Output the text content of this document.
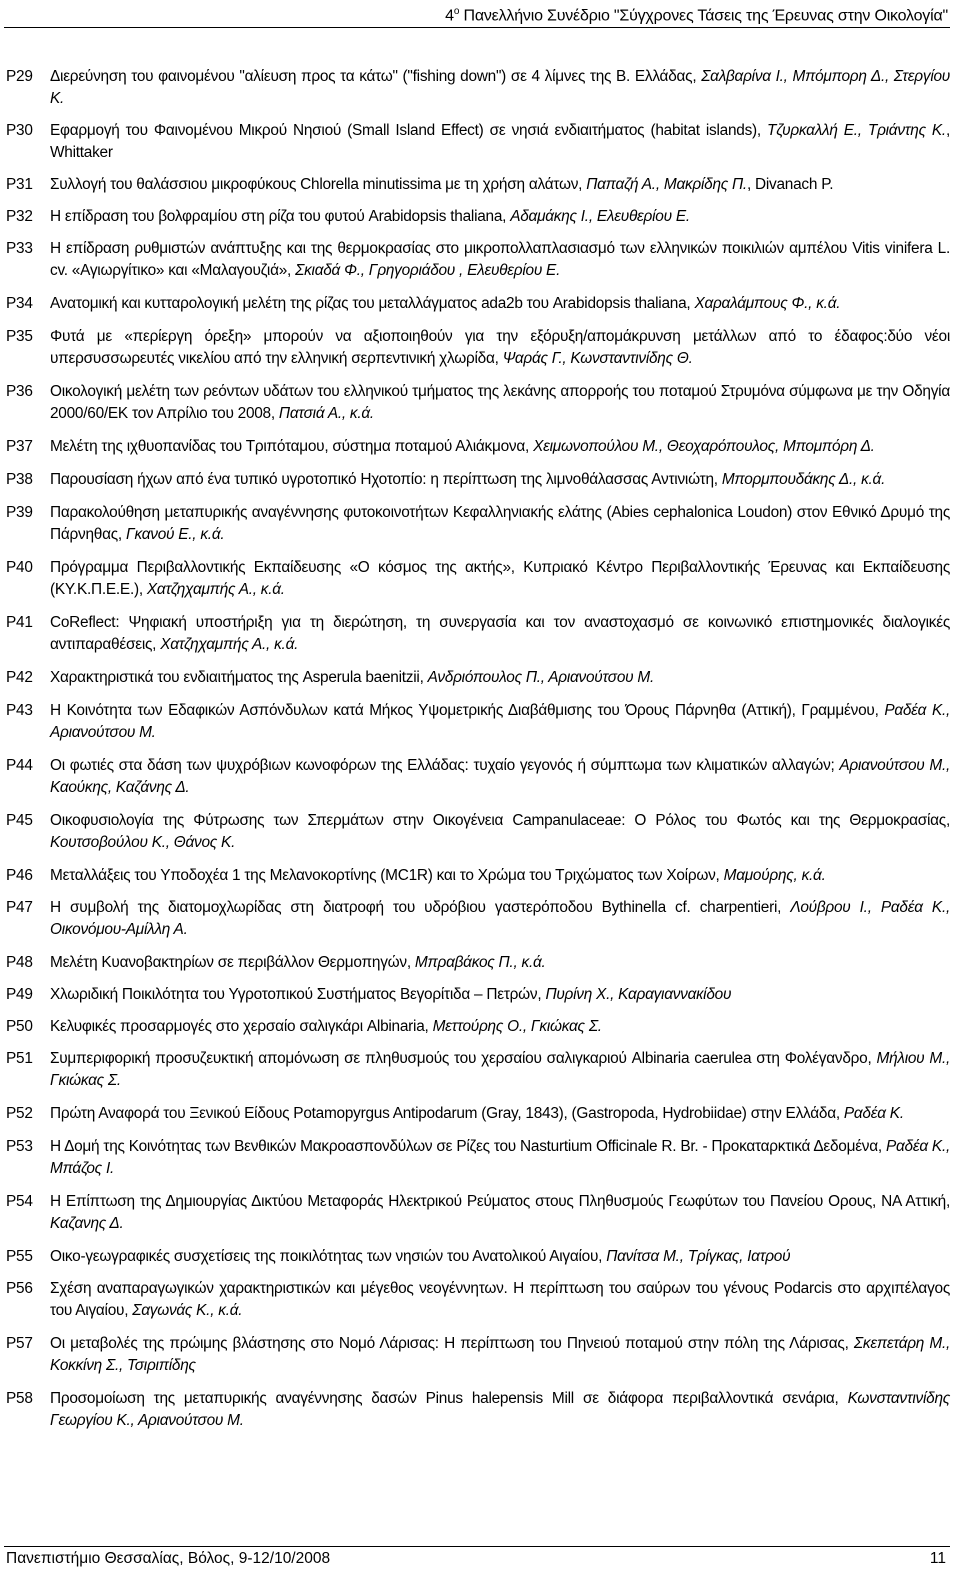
$4^o$ Πανελλήνιο Συνέδριο "Σύγχρονες Τάσεις της Έρευνας στην Οικολογία"
P29	Διερεύνηση του φαινομένου "αλίευση προς τα κάτω" ("fishing down") σε 4 λίμνες της Β. Ελλάδας, Σαλβαρίνα Ι., Μπόμπορη Δ., Στεργίου Κ.
P30	Εφαρμογή του Φαινομένου Μικρού Νησιού (Small Island Effect) σε νησιά ενδιαιτήματος (habitat islands), Τζυρκαλλή Ε., Τριάντης Κ., Whittaker
P31	Συλλογή του θαλάσσιου μικροφύκους Chlorella minutissima με τη χρήση αλάτων, Παπαζή Α., Μακρίδης Π., Divanach P.
P32	Η επίδραση του βολφραμίου στη ρίζα του φυτού Arabidopsis thaliana, Αδαμάκης Ι., Ελευθερίου Ε.
P33	Η επίδραση ρυθμιστών ανάπτυξης και της θερμοκρασίας στο μικροπολλαπλασιασμό των ελληνικών ποικιλιών αμπέλου Vitis vinifera L. cv. «Αγιωργίτικο» και «Μαλαγουζιά», Σκιαδά Φ., Γρηγοριάδου , Ελευθερίου Ε.
P34	Ανατομική και κυτταρολογική μελέτη της ρίζας του μεταλλάγματος ada2b του Arabidopsis thaliana, Χαραλάμπους Φ., κ.ά.
P35	Φυτά με «περίεργη όρεξη» μπορούν να αξιοποιηθούν για την εξόρυξη/απομάκρυνση μετάλλων από το έδαφος:δύο νέοι υπερσυσσωρευτές νικελίου από την ελληνική σερπεντινική χλωρίδα, Ψαράς Γ., Κωνσταντινίδης Θ.
P36	Οικολογική μελέτη των ρεόντων υδάτων του ελληνικού τμήματος της λεκάνης απορροής του ποταμού Στρυμόνα σύμφωνα με την Οδηγία 2000/60/ΕΚ τον Απρίλιο του 2008, Πατσιά Α., κ.ά.
P37	Μελέτη της ιχθυοπανίδας του Τριπόταμου, σύστημα ποταμού Αλιάκμονα, Χειμωνοπούλου Μ., Θεοχαρόπουλος, Μπομπόρη Δ.
P38	Παρουσίαση ήχων από ένα τυπικό υγροτοπικό Ηχοτοπίο: η περίπτωση της λιμνοθάλασσας Αντινιώτη, Μπορμπουδάκης Δ., κ.ά.
P39	Παρακολούθηση μεταπυρικής αναγέννησης φυτοκοινοτήτων Κεφαλληνιακής ελάτης (Abies cephalonica Loudon) στον Εθνικό Δρυμό της Πάρνηθας, Γκανού Ε., κ.ά.
P40	Πρόγραμμα Περιβαλλοντικής Εκπαίδευσης «Ο κόσμος της ακτής», Κυπριακό Κέντρο Περιβαλλοντικής Έρευνας και Εκπαίδευσης (ΚΥ.Κ.Π.Ε.Ε.), Χατζηχαμπής Α., κ.ά.
P41	CoReflect: Ψηφιακή υποστήριξη για τη διερώτηση, τη συνεργασία και τον αναστοχασμό σε κοινωνικό επιστημονικές διαλογικές αντιπαραθέσεις, Χατζηχαμπής Α., κ.ά.
P42	Χαρακτηριστικά του ενδιαιτήματος της Asperula baenitzii, Ανδριόπουλος Π., Αριανούτσου Μ.
P43	Η Κοινότητα των Εδαφικών Ασπόνδυλων κατά Μήκος Υψομετρικής Διαβάθμισης του Όρους Πάρνηθα (Αττική), Γραμμένου, Ραδέα Κ., Αριανούτσου Μ.
P44	Οι φωτιές στα δάση των ψυχρόβιων κωνοφόρων της Ελλάδας: τυχαίο γεγονός ή σύμπτωμα των κλιματικών αλλαγών; Αριανούτσου Μ., Καούκης, Καζάνης Δ.
P45	Οικοφυσιολογία της Φύτρωσης των Σπερμάτων στην Οικογένεια Campanulaceae: Ο Ρόλος του Φωτός και της Θερμοκρασίας, Κουτσοβούλου Κ., Θάνος Κ.
P46	Μεταλλάξεις του Υποδοχέα 1 της Μελανοκορτίνης (MC1R) και το Χρώμα του Τριχώματος των Χοίρων, Μαμούρης, κ.ά.
P47	Η συμβολή της διατομοχλωρίδας στη διατροφή του υδρόβιου γαστερόποδου Bythinella cf. charpentieri, Λούβρου Ι., Ραδέα Κ., Οικονόμου-Αμίλλη Α.
P48	Μελέτη Κυανοβακτηρίων σε περιβάλλον Θερμοπηγών, Μπραβάκος Π., κ.ά.
P49	Χλωριδική Ποικιλότητα του Υγροτοπικού Συστήματος Βεγορίτιδα – Πετρών, Πυρίνη Χ., Καραγιανναкίδου
P50	Κελυφικές προσαρμογές στο χερσαίο σαλιγκάρι Albinaria, Μεττούρης Ο., Γκιώκας Σ.
P51	Συμπεριφορική προσυζευκτική απομόνωση σε πληθυσμούς του χερσαίου σαλιγκαριού Albinaria caerulea στη Φολέγανδρο, Μήλιου Μ., Γκιώκας Σ.
P52	Πρώτη Αναφορά του Ξενικού Είδους Potamopyrgus Antipodarum (Gray, 1843), (Gastropoda, Hydrobiidae) στην Ελλάδα, Ραδέα Κ.
P53	Η Δομή της Κοινότητας των Βενθικών Μακροασπονδύλων σε Ρίζες του Nasturtium Officinale R. Br. - Προκαταρκτικά Δεδομένα, Ραδέα Κ., Μπάζος Ι.
P54	Η Επίπτωση της Δημιουργίας Δικτύου Μεταφοράς Ηλεκτρικού Ρεύματος στους Πληθυσμούς Γεωφύτων του Πανείου Ορους, ΝΑ Αττική, Καζανης Δ.
P55	Οικο-γεωγραφικές συσχετίσεις της ποικιλότητας των νησιών του Ανατολικού Αιγαίου, Πανίτσα Μ., Τρίγκας, Ιατρού
P56	Σχέση αναπαραγωγικών χαρακτηριστικών και μέγεθος νεογέννητων. Η περίπτωση του σαύρων του γένους Podarcis στο αρχιπέλαγος του Αιγαίου, Σαγωνάς Κ., κ.ά.
P57	Οι μεταβολές της πρώιμης βλάστησης στο Νομό Λάρισας: Η περίπτωση του Πηνειού ποταμού στην πόλη της Λάρισας, Σκεπετάρη Μ., Κοκκίνη Σ., Τσιριπίδης
P58	Προσομοίωση της μεταπυρικής αναγέννησης δασών Pinus halepensis Mill σε διάφορα περιβαλλοντικά σενάρια, Κωνσταντινίδης Γεωργίου Κ., Αριανούτσου Μ.
Πανεπιστήμιο Θεσσαλίας, Βόλος, 9-12/10/2008	11
